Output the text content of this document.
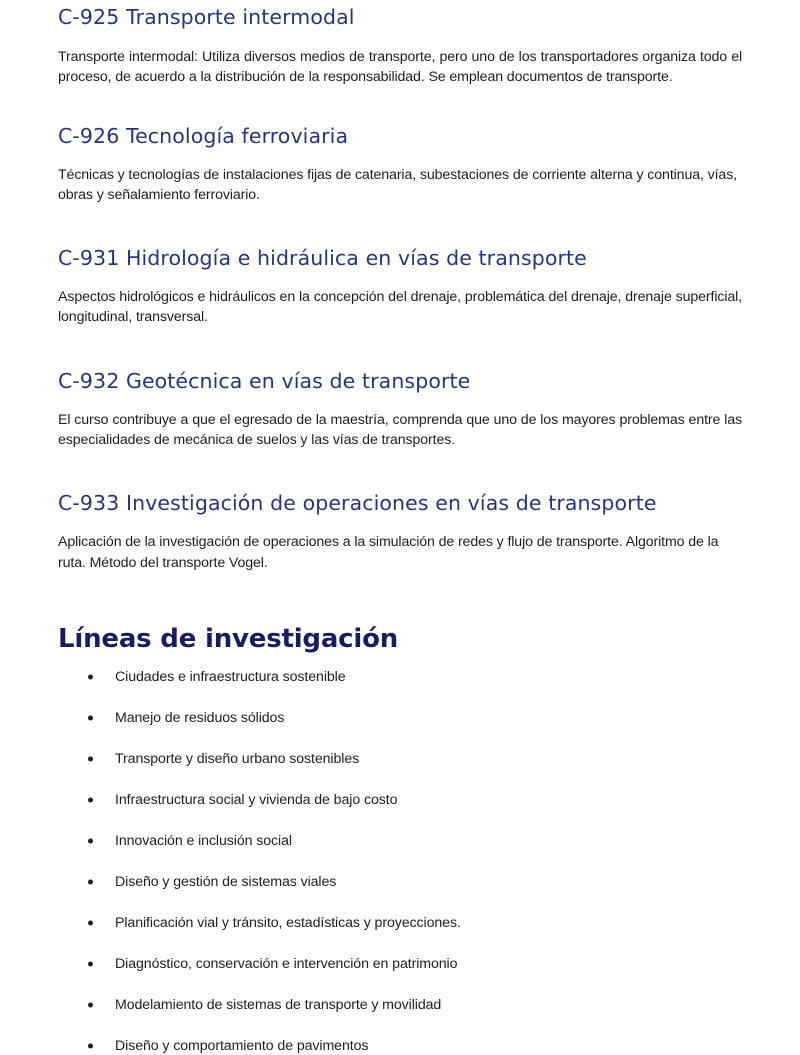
C-925 Transporte intermodal

Transporte intermodal: Utiliza diversos medios de transporte, pero uno de los transportadores organiza todo el proceso, de acuerdo a la distribución de la responsabilidad. Se emplean documentos de transporte.

C-926 Tecnología ferroviaria

Técnicas y tecnologías de instalaciones fijas de catenaria, subestaciones de corriente alterna y continua, vías, obras y señalamiento ferroviario.

C-931 Hidrología e hidráulica en vías de transporte

Aspectos hidrológicos e hidráulicos en la concepción del drenaje, problemática del drenaje, drenaje superficial, longitudinal, transversal.

C-932 Geotécnica en vías de transporte

El curso contribuye a que el egresado de la maestría, comprenda que uno de los mayores problemas entre las especialidades de mecánica de suelos y las vías de transportes.

C-933 Investigación de operaciones en vías de transporte

Aplicación de la investigación de operaciones a la simulación de redes y flujo de transporte. Algoritmo de la ruta. Método del transporte Vogel.

Líneas de investigación
Ciudades e infraestructura sostenible
Manejo de residuos sólidos
Transporte y diseño urbano sostenibles
Infraestructura social y vivienda de bajo costo
Innovación e inclusión social
Diseño y gestión de sistemas viales
Planificación vial y tránsito, estadísticas y proyecciones.
Diagnóstico, conservación e intervención en patrimonio
Modelamiento de sistemas de transporte y movilidad
Diseño y comportamiento de pavimentos
